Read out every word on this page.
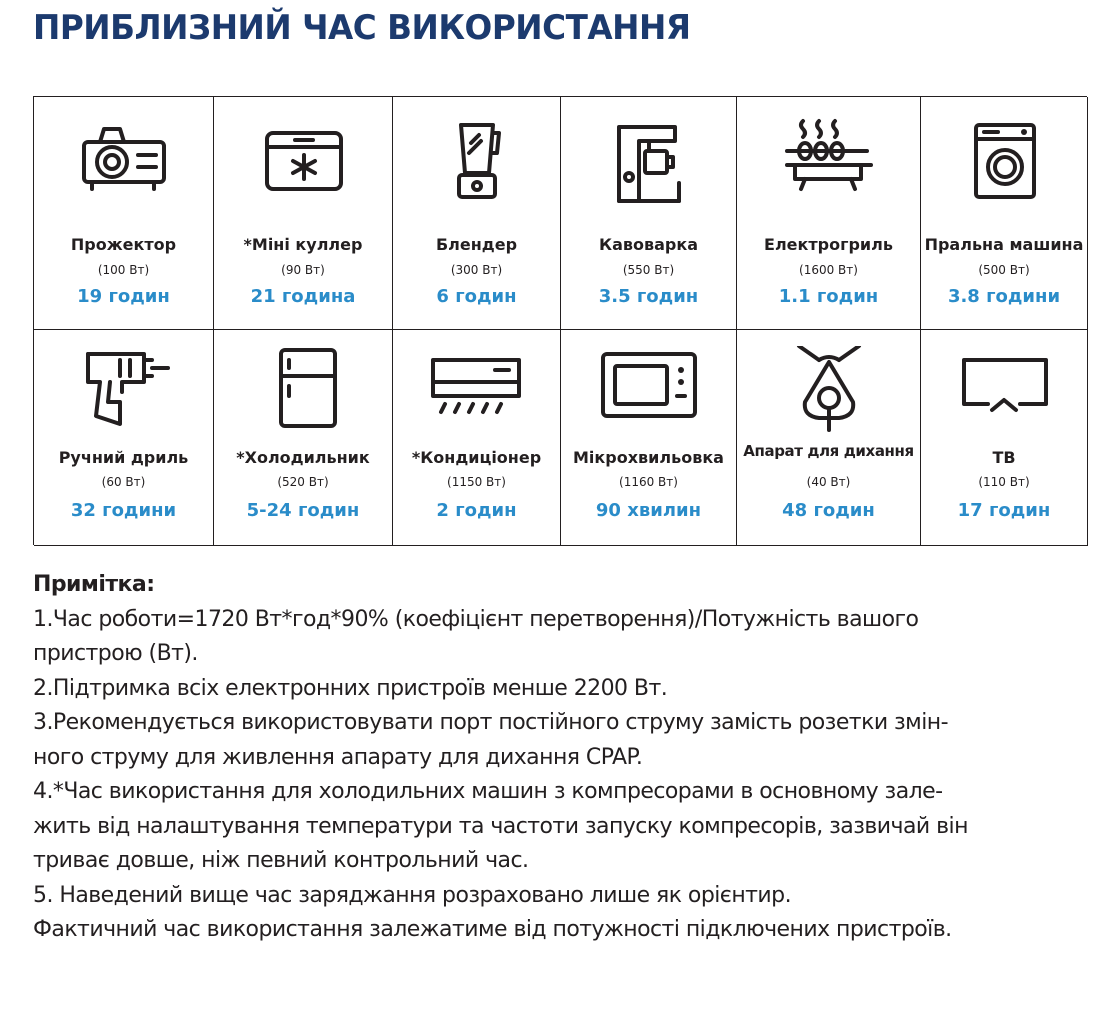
ПРИБЛИЗНИЙ ЧАС ВИКОРИСТАННЯ
Прожектор
(100 Вт)
19 годин
*Міні куллер
(90 Вт)
21 година
Блендер
(300 Вт)
6 годин
Кавоварка
(550 Вт)
3.5 годин
Електрогриль
(1600 Вт)
1.1 годин
Пральна машина
(500 Вт)
3.8 години
Ручний дриль
(60 Вт)
32 години
*Холодильник
(520 Вт)
5-24 годин
*Кондиціонер
(1150 Вт)
2 годин
Мікрохвильовка
(1160 Вт)
90 хвилин
Апарат для дихання
(40 Вт)
48 годин
ТВ
(110 Вт)
17 годин
Примітка:
1.Час роботи=1720 Вт*год*90% (коефіцієнт перетворення)/Потужність вашого
пристрою (Вт).
2.Підтримка всіх електронних пристроїв менше 2200 Вт.
3.Рекомендується використовувати порт постійного струму замість розетки змін-
ного струму для живлення апарату для дихання CPAP.
4.*Час використання для холодильних машин з компресорами в основному зале-
жить від налаштування температури та частоти запуску компресорів, зазвичай він
триває довше, ніж певний контрольний час.
5. Наведений вище час заряджання розраховано лише як орієнтир.
Фактичний час використання залежатиме від потужності підключених пристроїв.
